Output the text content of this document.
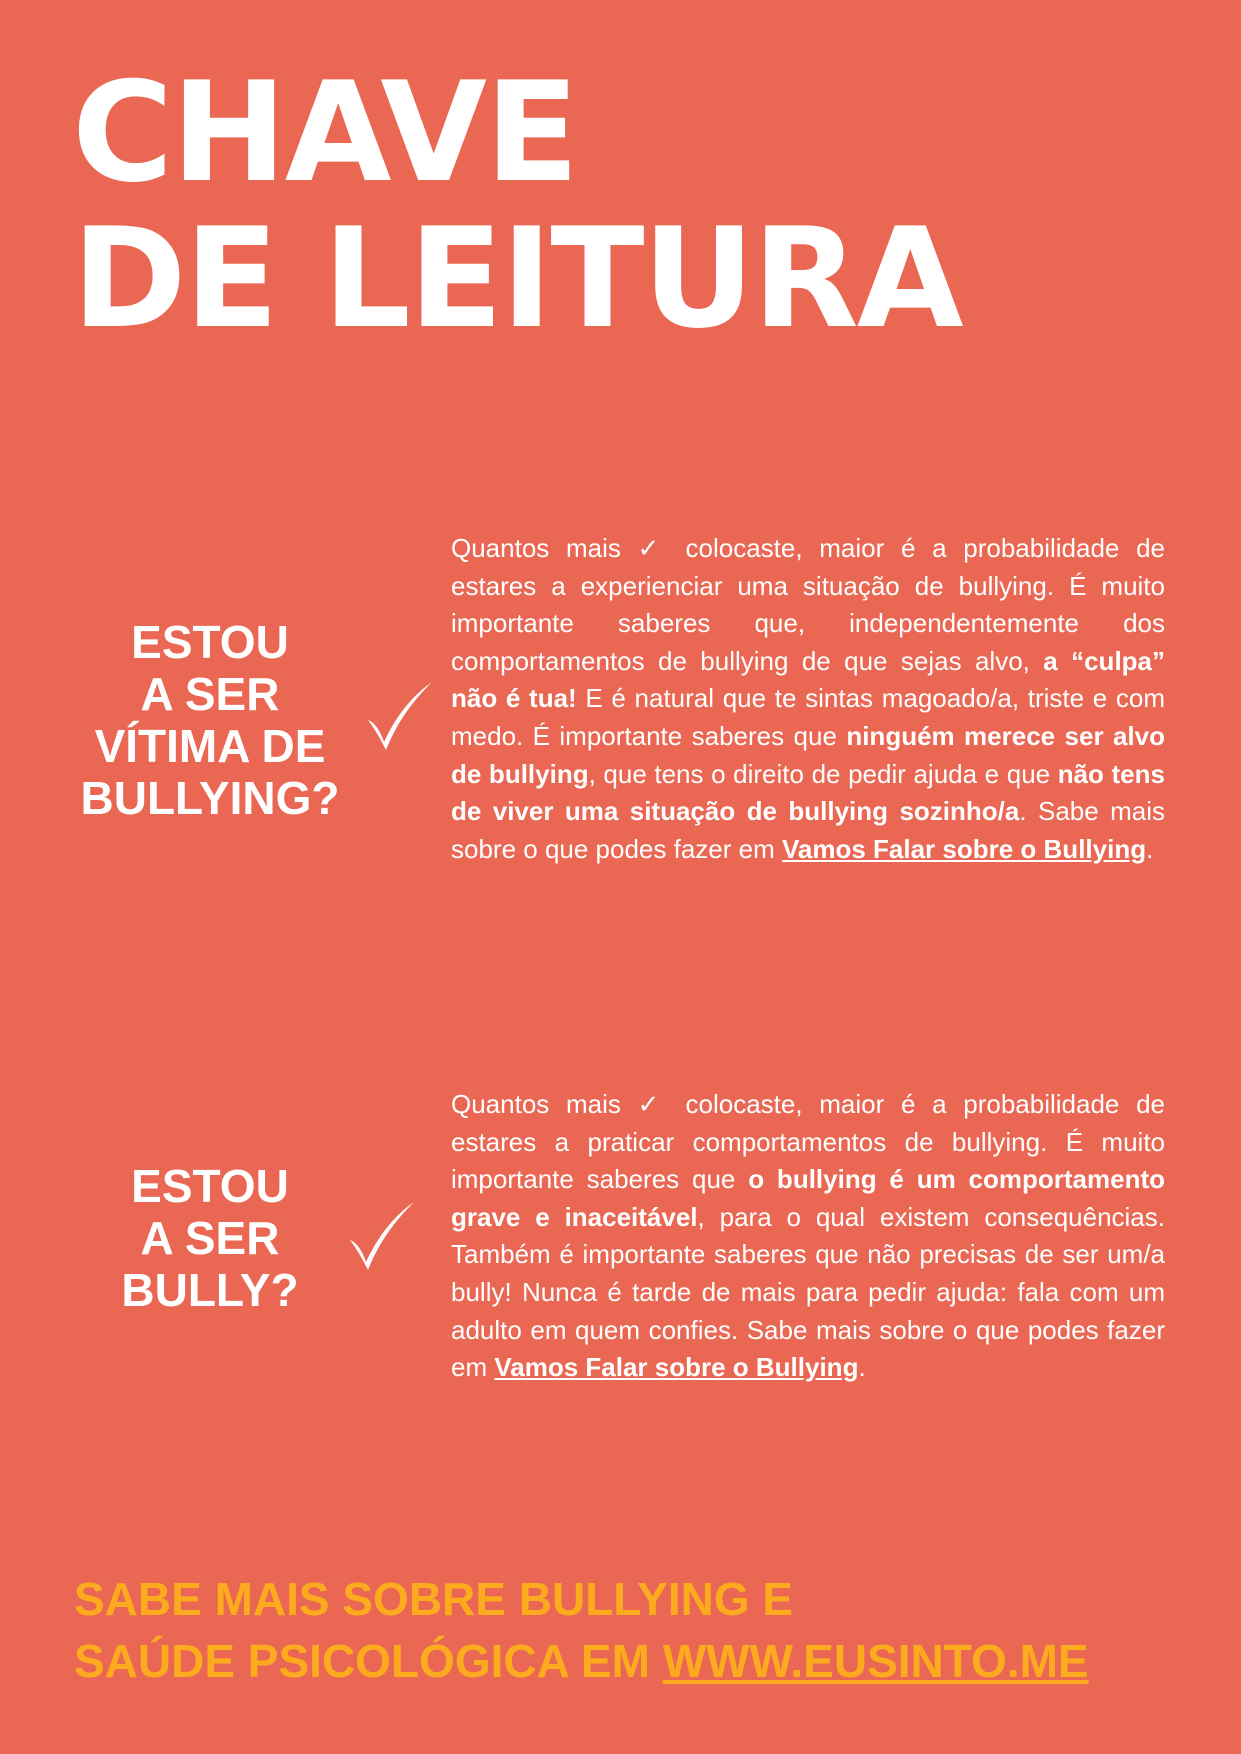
CHAVE
DE LEITURA
ESTOU
A SER
VÍTIMA DE
BULLYING?

Quantos mais ✓ colocaste, maior é a probabilidade de estares a experienciar uma situação de bullying. É muito importante saberes que, independentemente dos comportamentos de bullying de que sejas alvo, a “culpa” não é tua! E é natural que te sintas magoado/a, triste e com medo. É importante saberes que ninguém merece ser alvo de bullying, que tens o direito de pedir ajuda e que não tens de viver uma situação de bullying sozinho/a. Sabe mais sobre o que podes fazer em Vamos Falar sobre o Bullying.

ESTOU
A SER
BULLY?

Quantos mais ✓ colocaste, maior é a probabilidade de estares a praticar comportamentos de bullying. É muito importante saberes que o bullying é um comportamento grave e inaceitável, para o qual existem consequências. Também é importante saberes que não precisas de ser um/a bully! Nunca é tarde de mais para pedir ajuda: fala com um adulto em quem confies. Sabe mais sobre o que podes fazer em Vamos Falar sobre o Bullying.

SABE MAIS SOBRE BULLYING E
SAÚDE PSICOLÓGICA EM WWW.EUSINTO.ME
